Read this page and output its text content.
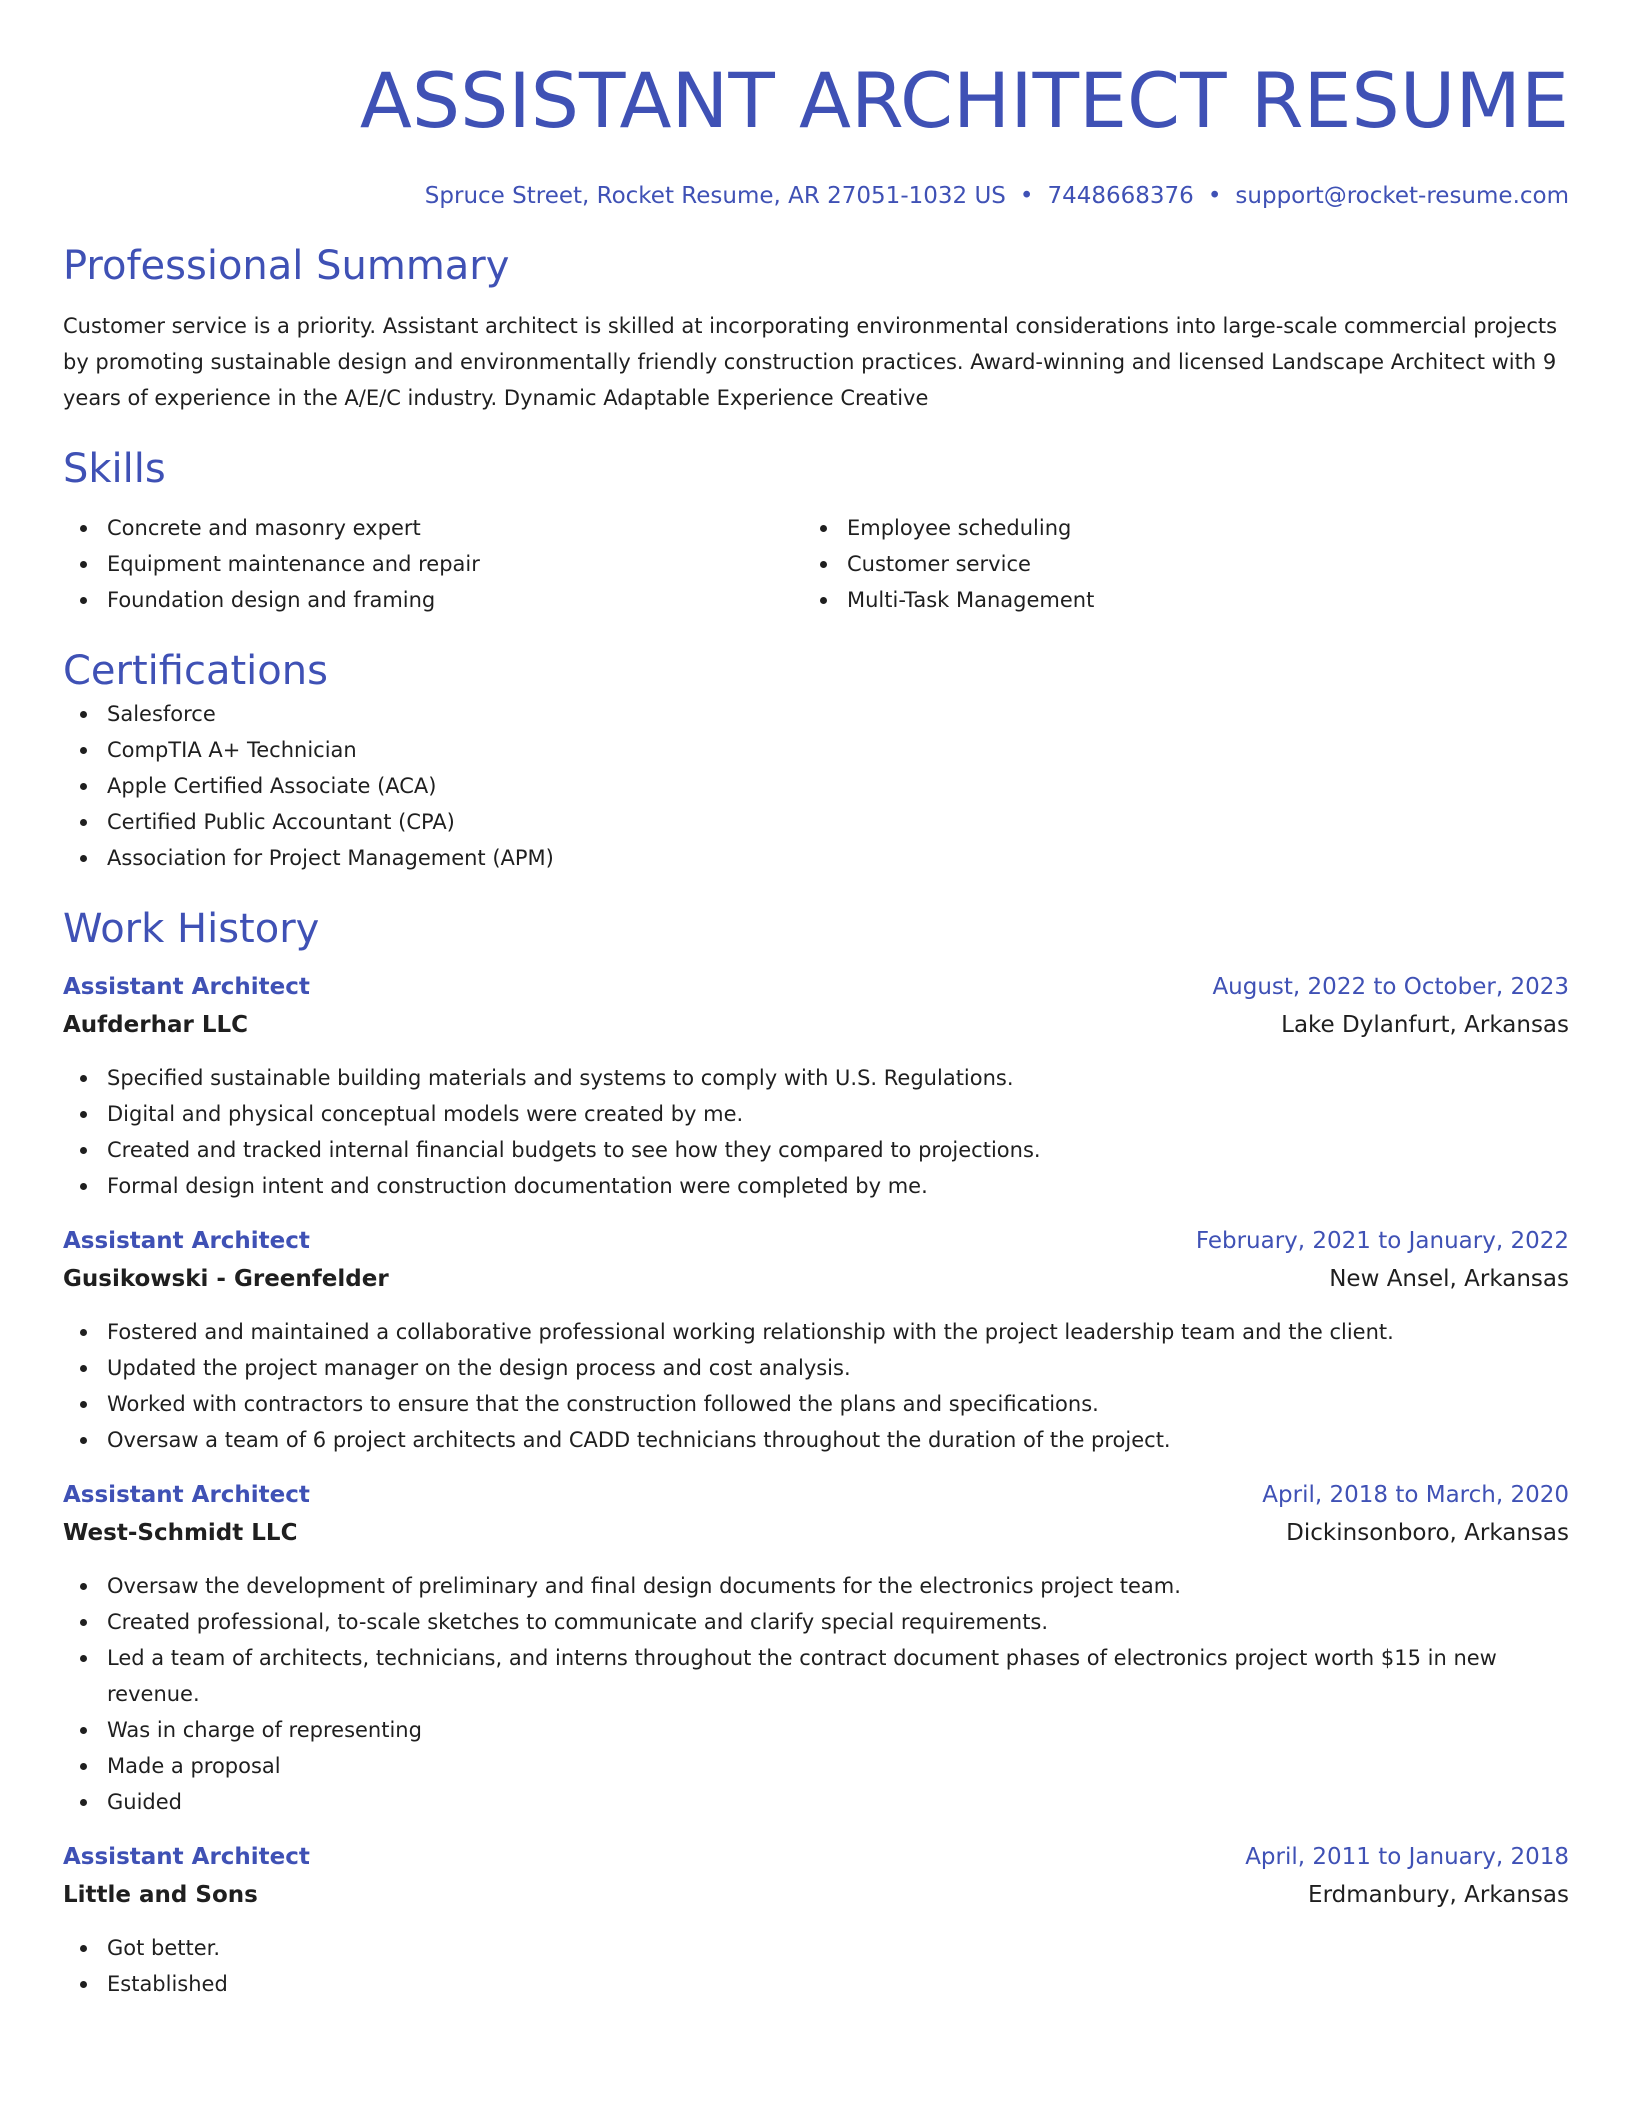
ASSISTANT ARCHITECT RESUME
Spruce Street, Rocket Resume, AR 27051-1032 US • 7448668376 • support@rocket-resume.com
Professional Summary
Customer service is a priority. Assistant architect is skilled at incorporating environmental considerations into large-scale commercial projects by promoting sustainable design and environmentally friendly construction practices. Award-winning and licensed Landscape Architect with 9 years of experience in the A/E/C industry. Dynamic Adaptable Experience Creative
Skills
Concrete and masonry expert
Equipment maintenance and repair
Foundation design and framing
Employee scheduling
Customer service
Multi-Task Management
Certifications
Salesforce
CompTIA A+ Technician
Apple Certified Associate (ACA)
Certified Public Accountant (CPA)
Association for Project Management (APM)
Work History
Assistant Architect	August, 2022 to October, 2023
Aufderhar LLC	Lake Dylanfurt, Arkansas
Specified sustainable building materials and systems to comply with U.S. Regulations.
Digital and physical conceptual models were created by me.
Created and tracked internal financial budgets to see how they compared to projections.
Formal design intent and construction documentation were completed by me.
Assistant Architect	February, 2021 to January, 2022
Gusikowski - Greenfelder	New Ansel, Arkansas
Fostered and maintained a collaborative professional working relationship with the project leadership team and the client.
Updated the project manager on the design process and cost analysis.
Worked with contractors to ensure that the construction followed the plans and specifications.
Oversaw a team of 6 project architects and CADD technicians throughout the duration of the project.
Assistant Architect	April, 2018 to March, 2020
West-Schmidt LLC	Dickinsonboro, Arkansas
Oversaw the development of preliminary and final design documents for the electronics project team.
Created professional, to-scale sketches to communicate and clarify special requirements.
Led a team of architects, technicians, and interns throughout the contract document phases of electronics project worth $15 in new revenue.
Was in charge of representing
Made a proposal
Guided
Assistant Architect	April, 2011 to January, 2018
Little and Sons	Erdmanbury, Arkansas
Got better.
Established
